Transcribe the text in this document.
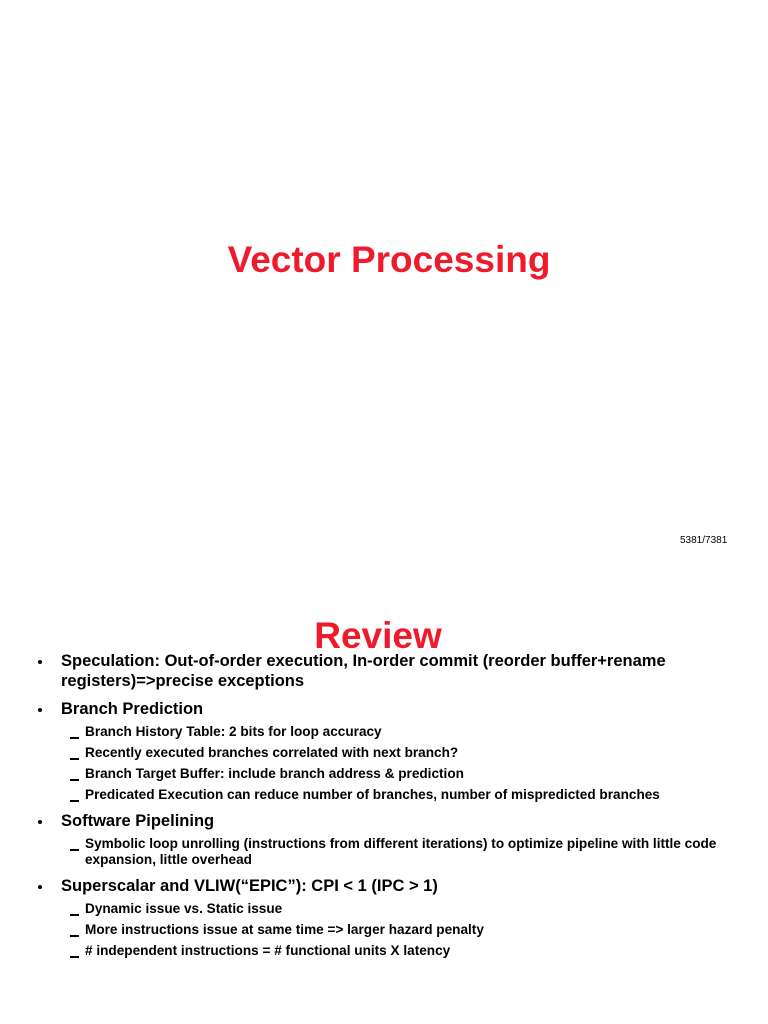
Vector Processing
5381/7381
Review
Speculation: Out-of-order execution, In-order commit (reorder buffer+rename registers)=>precise exceptions
Branch Prediction
Branch History Table: 2 bits for loop accuracy
Recently executed branches correlated with next branch?
Branch Target Buffer: include branch address & prediction
Predicated Execution can reduce number of branches, number of mispredicted branches
Software Pipelining
Symbolic loop unrolling (instructions from different iterations) to optimize pipeline with little code expansion, little overhead
Superscalar and VLIW(“EPIC”): CPI < 1 (IPC > 1)
Dynamic issue vs. Static issue
More instructions issue at same time => larger hazard penalty
# independent instructions = # functional units X latency
